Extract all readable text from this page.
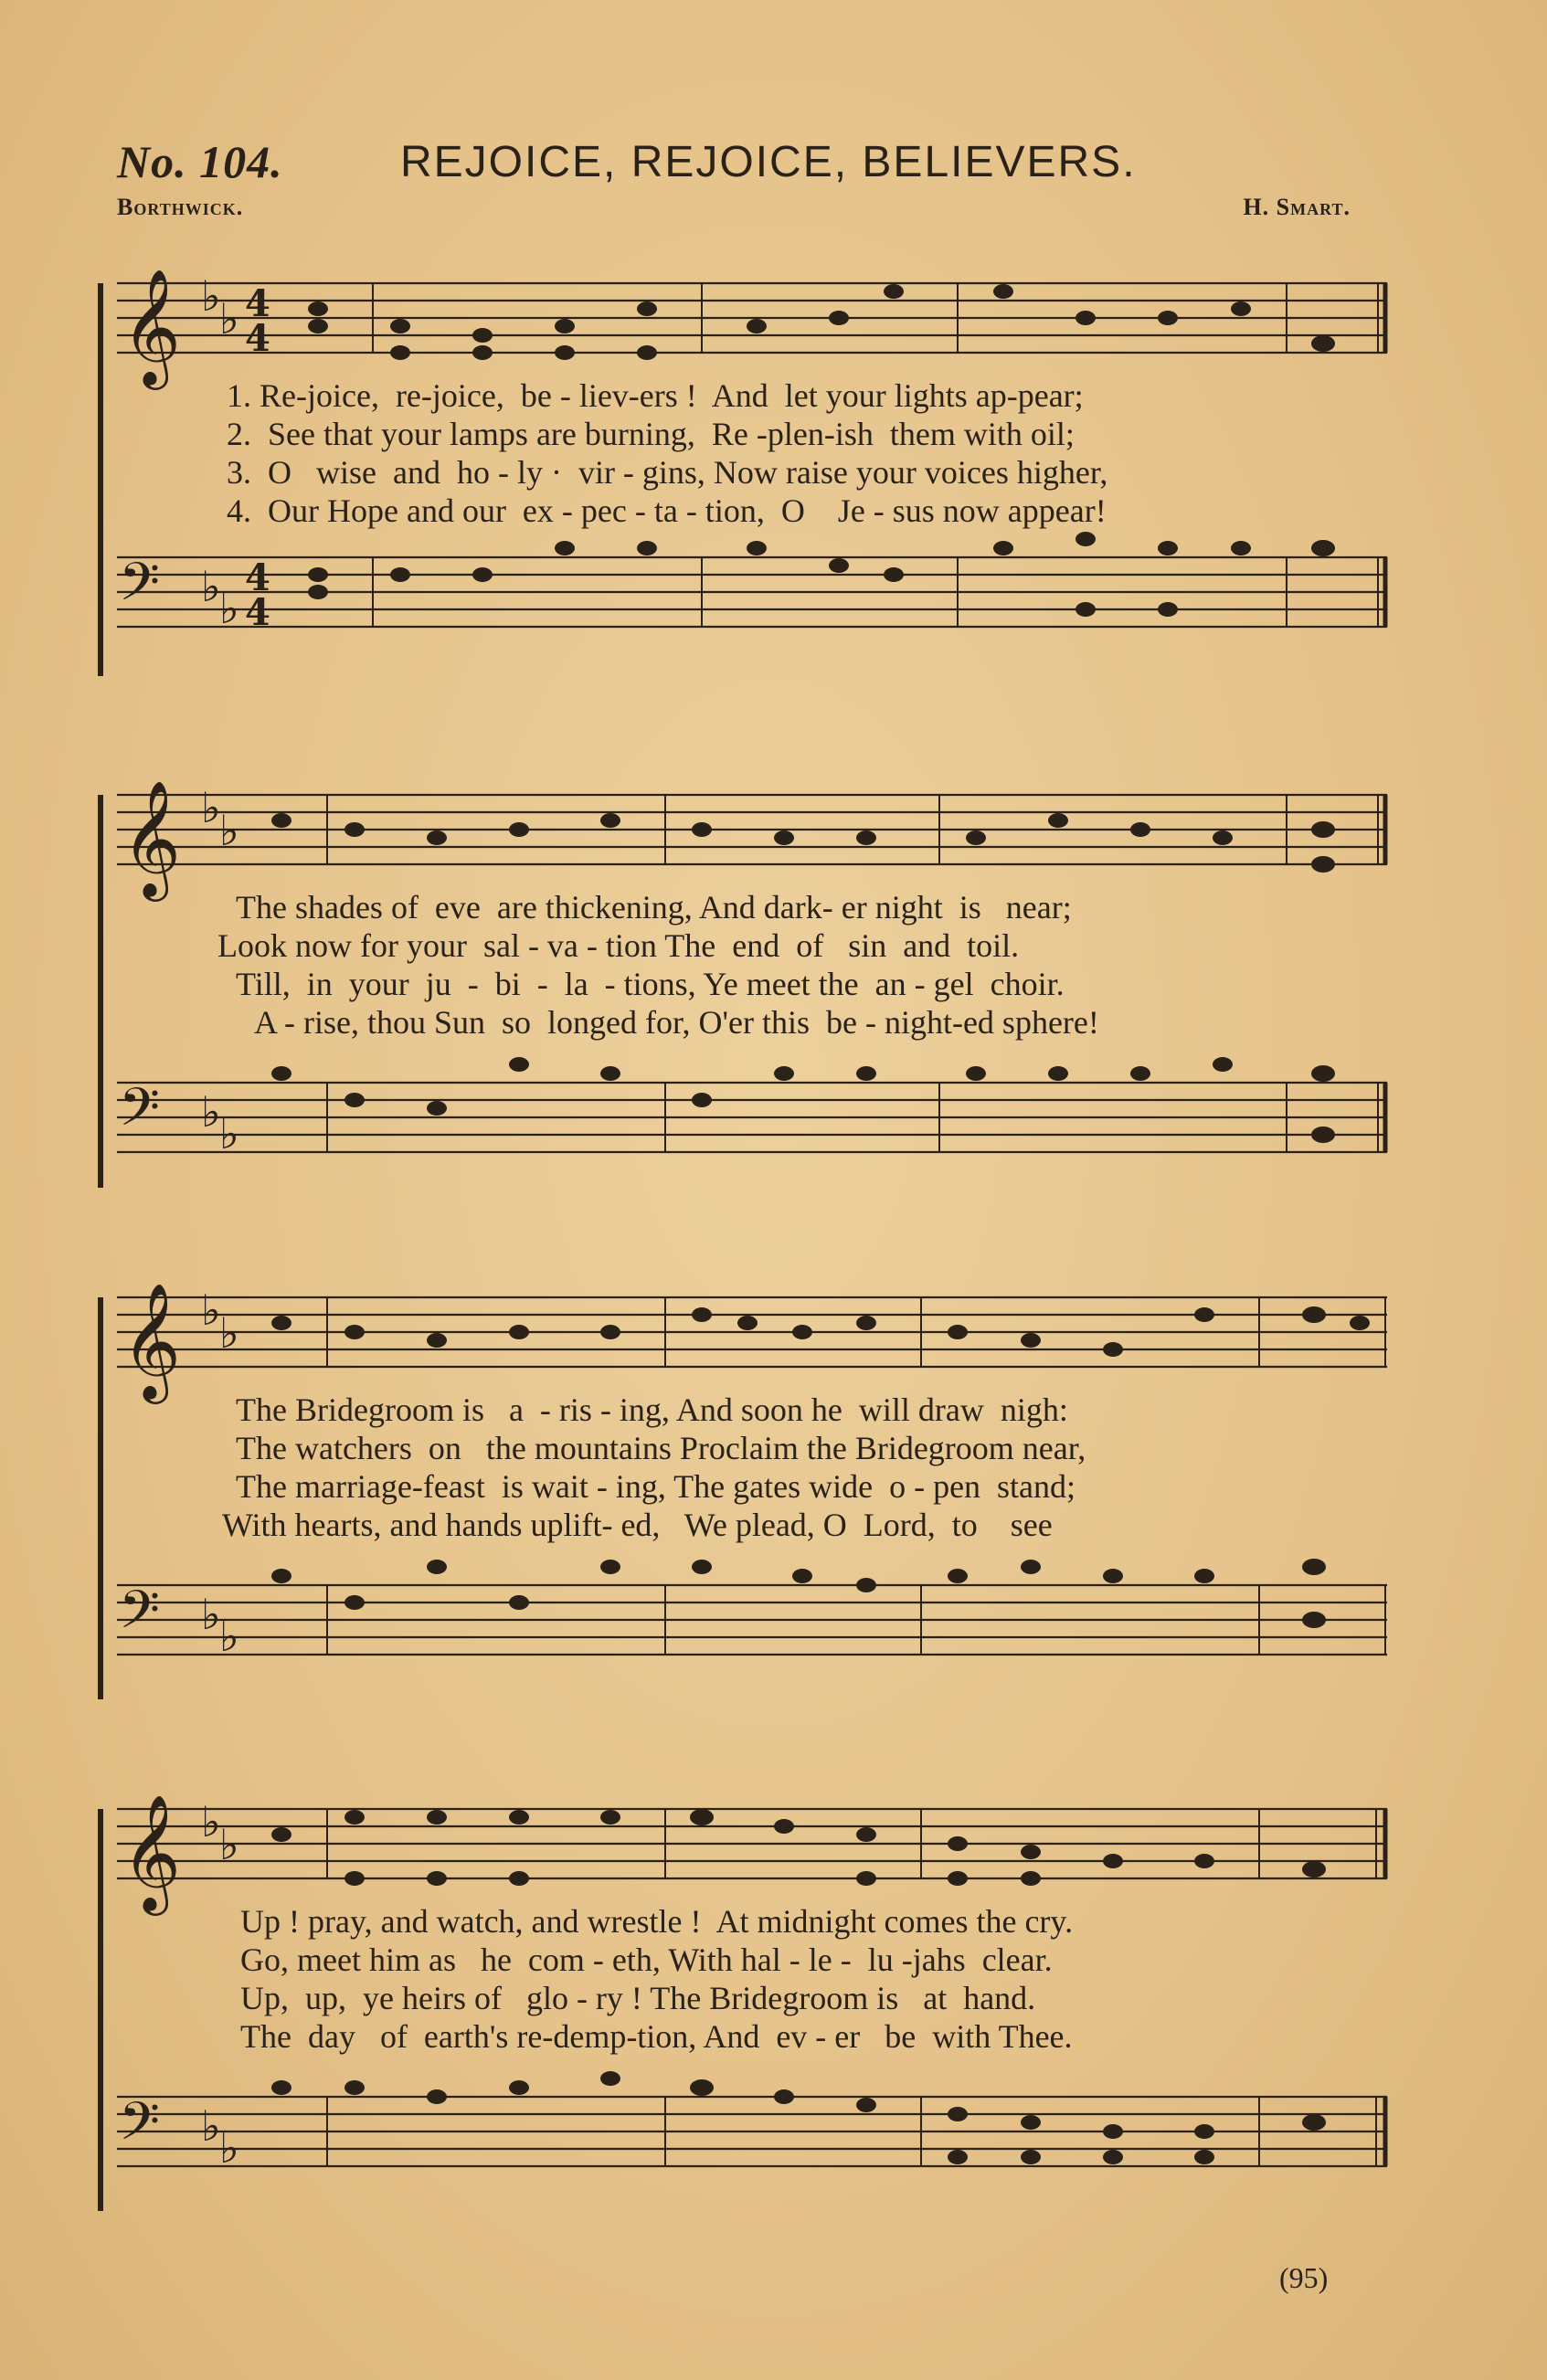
No. 104.	REJOICE, REJOICE, BELIEVERS.
Borthwick.	H. Smart.
𝄞 ♭
♭ 4
4
1. Re-joice,  re-joice,  be - liev-ers !  And  let your lights ap-pear;
2.  See that your lamps are burning,  Re -plen-ish  them with oil;
3.  O   wise  and  ho - ly ·  vir - gins, Now raise your voices higher,
4.  Our Hope and our  ex - pec - ta - tion,  O    Je - sus now appear!
𝄢 ♭
♭
4
4
𝄞 ♭
♭
The shades of  eve  are thickening, And dark- er night  is   near;
Look now for your  sal - va - tion The  end  of   sin  and  toil.
Till,  in  your  ju  -  bi  -  la  - tions, Ye meet the  an - gel  choir.
A - rise, thou Sun  so  longed for, O'er this  be - night-ed sphere!
𝄢 ♭
♭
𝄞 ♭
♭
The Bridegroom is   a  - ris - ing, And soon he  will draw  nigh:
The watchers  on   the mountains Proclaim the Bridegroom near,
The marriage-feast  is wait - ing, The gates wide  o - pen  stand;
With hearts, and hands uplift- ed,   We plead, O  Lord,  to    see
𝄢 ♭
♭
𝄞 ♭
♭
Up ! pray, and watch, and wrestle !  At midnight comes the cry.
Go, meet him as   he  com - eth, With hal - le -  lu -jahs  clear.
Up,  up,  ye heirs of   glo - ry ! The Bridegroom is   at  hand.
The  day   of  earth's re-demp-tion, And  ev - er   be  with Thee.
𝄢 ♭
♭
(95)
